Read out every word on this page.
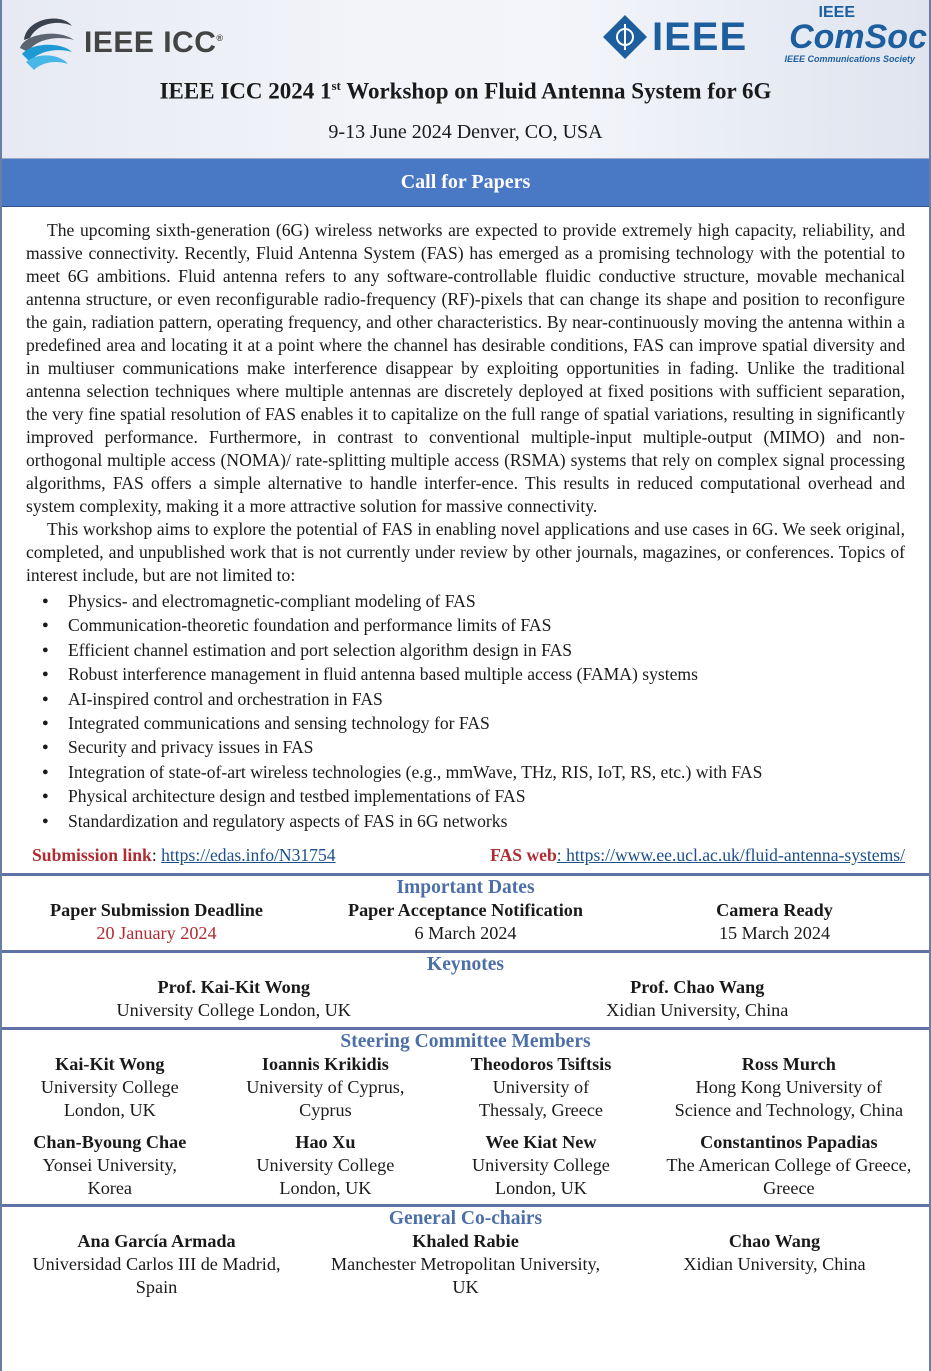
IEEE ICC®	IEEE
IEEE
ComSoc
IEEE Communications Society
IEEE ICC 2024 1st Workshop on Fluid Antenna System for 6G
9-13 June 2024 Denver, CO, USA
Call for Papers

The upcoming sixth-generation (6G) wireless networks are expected to provide extremely high capacity, reliability, and massive connectivity. Recently, Fluid Antenna System (FAS) has emerged as a promising technology with the potential to meet 6G ambitions. Fluid antenna refers to any software-controllable fluidic conductive structure, movable mechanical antenna structure, or even reconfigurable radio-frequency (RF)-pixels that can change its shape and position to reconfigure the gain, radiation pattern, operating frequency, and other characteristics. By near-continuously moving the antenna within a predefined area and locating it at a point where the channel has desirable conditions, FAS can improve spatial diversity and in multiuser communications make interference disappear by exploiting opportunities in fading. Unlike the traditional antenna selection techniques where multiple antennas are discretely deployed at fixed positions with sufficient separation, the very fine spatial resolution of FAS enables it to capitalize on the full range of spatial variations, resulting in significantly improved performance. Furthermore, in contrast to conventional multiple-input multiple-output (MIMO) and non-orthogonal multiple access (NOMA)/ rate-splitting multiple access (RSMA) systems that rely on complex signal processing algorithms, FAS offers a simple alternative to handle interfer-ence. This results in reduced computational overhead and system complexity, making it a more attractive solution for massive connectivity.

This workshop aims to explore the potential of FAS in enabling novel applications and use cases in 6G. We seek original, completed, and unpublished work that is not currently under review by other journals, magazines, or conferences. Topics of interest include, but are not limited to:

● Physics- and electromagnetic-compliant modeling of FAS
● Communication-theoretic foundation and performance limits of FAS
● Efficient channel estimation and port selection algorithm design in FAS
● Robust interference management in fluid antenna based multiple access (FAMA) systems
● AI-inspired control and orchestration in FAS
● Integrated communications and sensing technology for FAS
● Security and privacy issues in FAS
● Integration of state-of-art wireless technologies (e.g., mmWave, THz, RIS, IoT, RS, etc.) with FAS
● Physical architecture design and testbed implementations of FAS
● Standardization and regulatory aspects of FAS in 6G networks
Submission link: https://edas.info/N31754	FAS web: https://www.ee.ucl.ac.uk/fluid-antenna-systems/
Important Dates
Paper Submission Deadline
20 January 2024
Paper Acceptance Notification
6 March 2024
Camera Ready
15 March 2024
Keynotes
Prof. Kai-Kit Wong
University College London, UK
Prof. Chao Wang
Xidian University, China
Steering Committee Members
Kai-Kit Wong
University College
London, UK
Ioannis Krikidis
University of Cyprus,
Cyprus
Theodoros Tsiftsis
University of
Thessaly, Greece
Ross Murch
Hong Kong University of
Science and Technology, China
Chan-Byoung Chae
Yonsei University,
Korea
Hao Xu
University College
London, UK
Wee Kiat New
University College
London, UK
Constantinos Papadias
The American College of Greece,
Greece
General Co-chairs
Ana García Armada
Universidad Carlos III de Madrid,
Spain
Khaled Rabie
Manchester Metropolitan University,
UK
Chao Wang
Xidian University, China
